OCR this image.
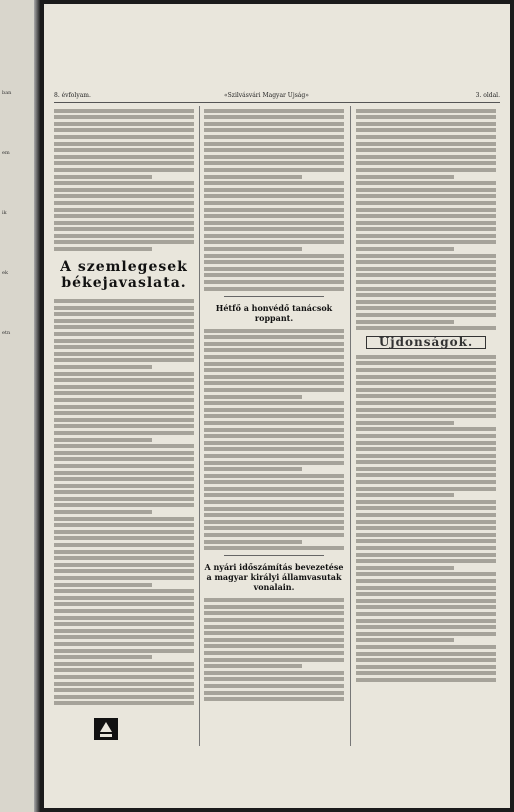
ban
em
ik
ek
etn
8. évfolyam.	«Szilvásvári Magyar Ujság»	3. oldal.
A szemlegesek békejavaslata.
Hétfő a honvédő tanácsok roppant.
A nyári időszámítás bevezetése a magyar királyi államvasutak vonalain.
Ujdonságok.
